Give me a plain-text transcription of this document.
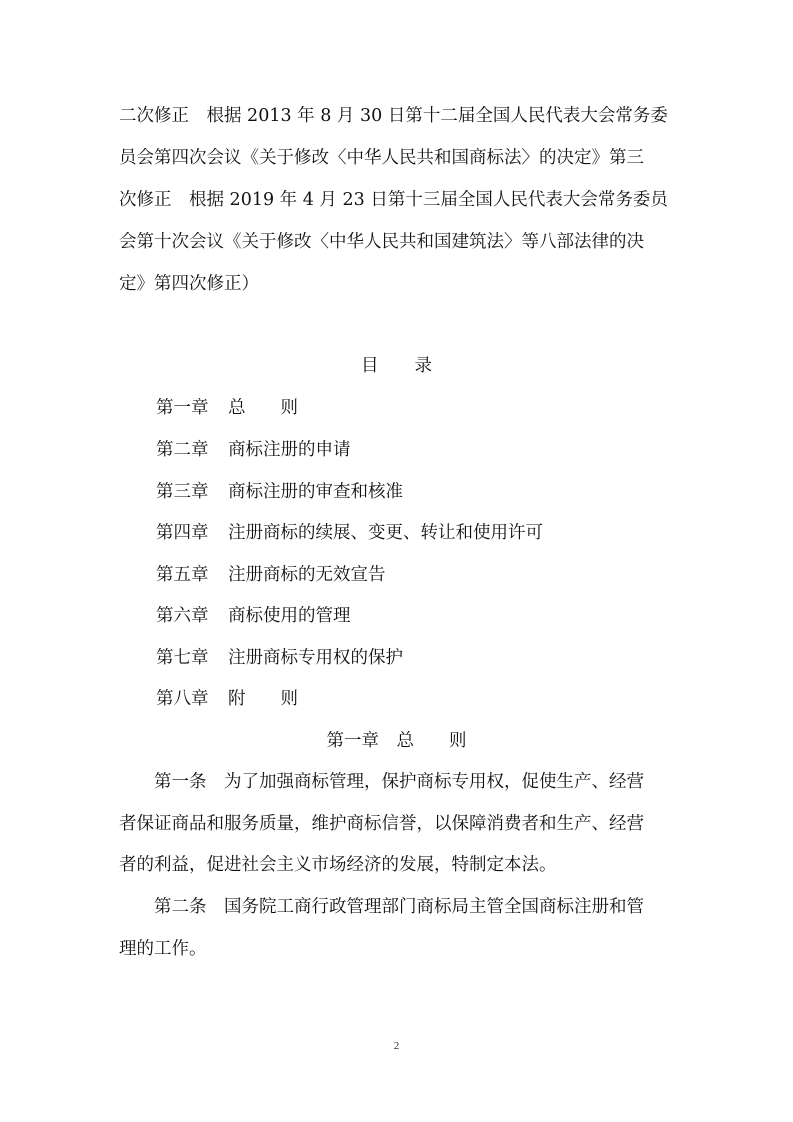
二次修正　根据 2013 年 8 月 30 日第十二届全国人民代表大会常务委
员会第四次会议《关于修改〈中华人民共和国商标法〉的决定》第三
次修正　根据 2019 年 4 月 23 日第十三届全国人民代表大会常务委员
会第十次会议《关于修改〈中华人民共和国建筑法〉等八部法律的决
定》第四次修正）
目 录
第一章 总　　则
第二章 商标注册的申请
第三章 商标注册的审查和核准
第四章 注册商标的续展、变更、转让和使用许可
第五章 注册商标的无效宣告
第六章 商标使用的管理
第七章 注册商标专用权的保护
第八章 附　　则
第一章　总　　则
　　第一条　为了加强商标管理，保护商标专用权，促使生产、经营
者保证商品和服务质量，维护商标信誉，以保障消费者和生产、经营
者的利益，促进社会主义市场经济的发展，特制定本法。
　　第二条　国务院工商行政管理部门商标局主管全国商标注册和管
理的工作。
2
